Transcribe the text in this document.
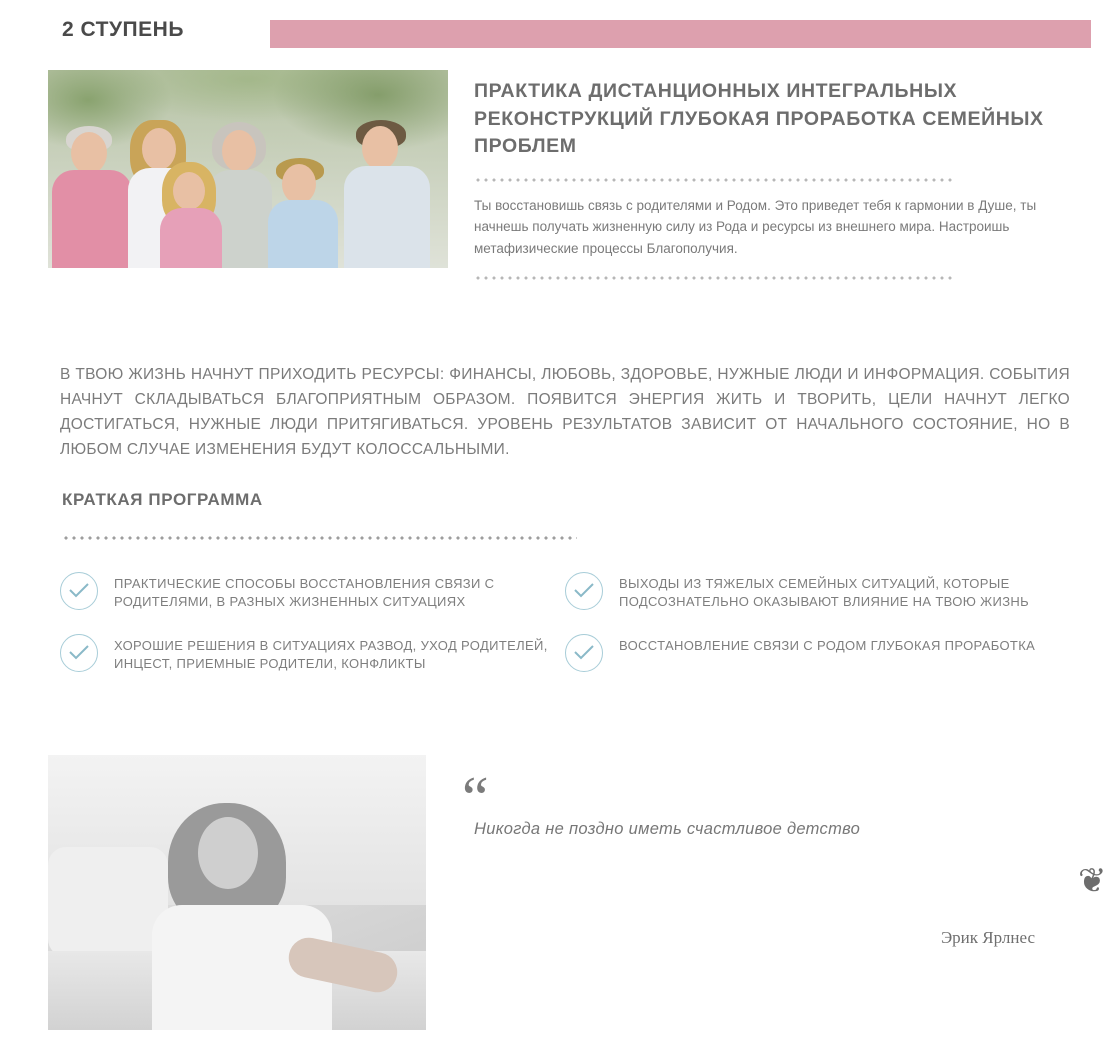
2 СТУПЕНЬ
ПРАКТИКА ДИСТАНЦИОННЫХ ИНТЕГРАЛЬНЫХ РЕКОНСТРУКЦИЙ ГЛУБОКАЯ ПРОРАБОТКА СЕМЕЙНЫХ ПРОБЛЕМ

Ты восстановишь связь с родителями и Родом. Это приведет тебя к гармонии в Душе, ты начнешь получать жизненную силу из Рода и ресурсы из внешнего мира. Настроишь метафизические процессы Благополучия.

В ТВОЮ ЖИЗНЬ НАЧНУТ ПРИХОДИТЬ РЕСУРСЫ: ФИНАНСЫ, ЛЮБОВЬ, ЗДОРОВЬЕ, НУЖНЫЕ ЛЮДИ И ИНФОРМАЦИЯ. СОБЫТИЯ НАЧНУТ СКЛАДЫВАТЬСЯ БЛАГОПРИЯТНЫМ ОБРАЗОМ. ПОЯВИТСЯ ЭНЕРГИЯ ЖИТЬ И ТВОРИТЬ, ЦЕЛИ НАЧНУТ ЛЕГКО ДОСТИГАТЬСЯ, НУЖНЫЕ ЛЮДИ ПРИТЯГИВАТЬСЯ. УРОВЕНЬ РЕЗУЛЬТАТОВ ЗАВИСИТ ОТ НАЧАЛЬНОГО СОСТОЯНИЕ, НО В ЛЮБОМ СЛУЧАЕ ИЗМЕНЕНИЯ БУДУТ КОЛОССАЛЬНЫМИ.

КРАТКАЯ ПРОГРАММА
ПРАКТИЧЕСКИЕ СПОСОБЫ ВОССТАНОВЛЕНИЯ СВЯЗИ С РОДИТЕЛЯМИ, В РАЗНЫХ ЖИЗНЕННЫХ СИТУАЦИЯХ
ВЫХОДЫ ИЗ ТЯЖЕЛЫХ СЕМЕЙНЫХ СИТУАЦИЙ, КОТОРЫЕ ПОДСОЗНАТЕЛЬНО ОКАЗЫВАЮТ ВЛИЯНИЕ НА ТВОЮ ЖИЗНЬ
ХОРОШИЕ РЕШЕНИЯ В СИТУАЦИЯХ РАЗВОД, УХОД РОДИТЕЛЕЙ, ИНЦЕСТ, ПРИЕМНЫЕ РОДИТЕЛИ, КОНФЛИКТЫ
ВОССТАНОВЛЕНИЕ СВЯЗИ С РОДОМ ГЛУБОКАЯ ПРОРАБОТКА
“
Никогда не поздно иметь счастливое детство
Эрик Ярлнес
❦
